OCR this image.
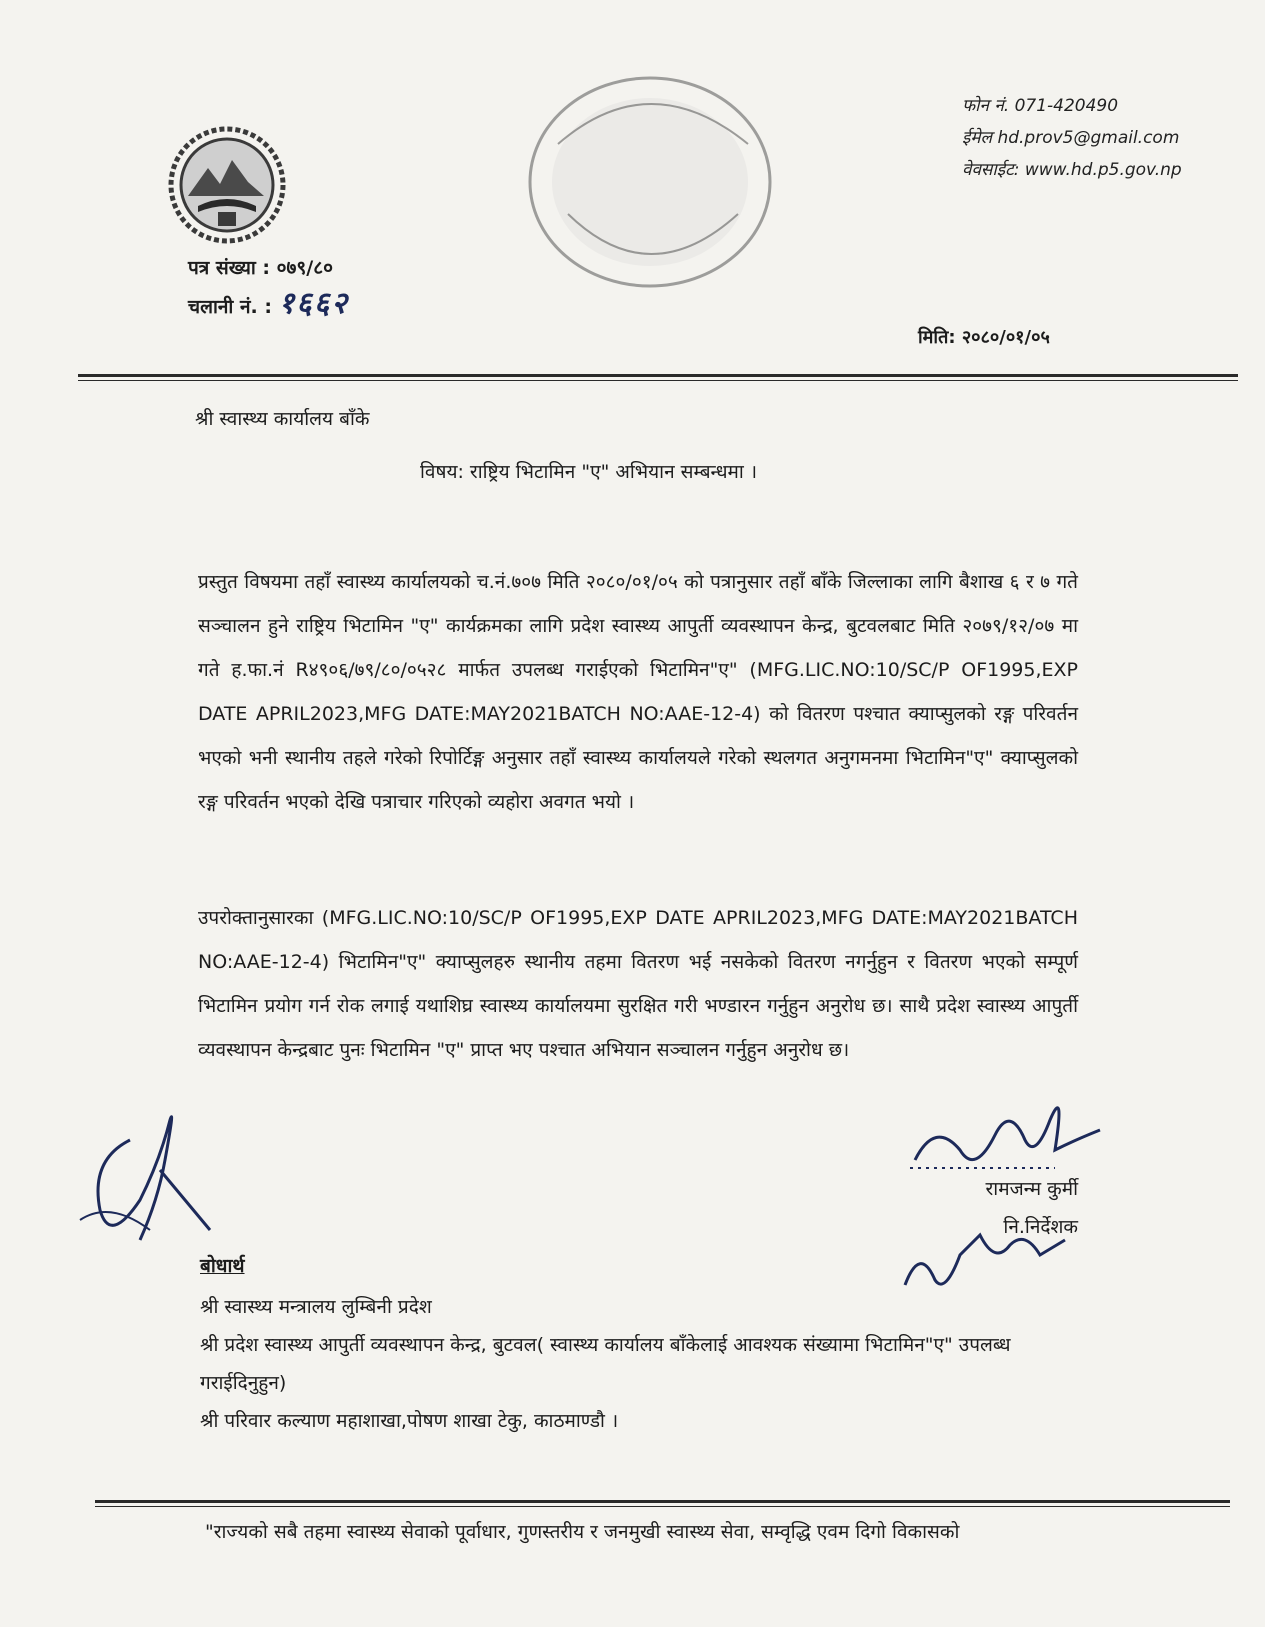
फोन नं. 071-420490
ईमेल hd.prov5@gmail.com
वेवसाईट: www.hd.p5.gov.np
पत्र संख्या : ०७९/८०
चलानी नं. : १६६२
मिति: २०८०/०१/०५
श्री स्वास्थ्य कार्यालय बाँके
विषय: राष्ट्रिय भिटामिन "ए" अभियान सम्बन्धमा ।
प्रस्तुत विषयमा तहाँ स्वास्थ्य कार्यालयको च.नं.७०७ मिति २०८०/०१/०५ को पत्रानुसार तहाँ बाँके जिल्लाका लागि बैशाख ६ र ७ गते सञ्चालन हुने राष्ट्रिय भिटामिन "ए" कार्यक्रमका लागि प्रदेश स्वास्थ्य आपुर्ती व्यवस्थापन केन्द्र, बुटवलबाट मिति २०७९/१२/०७ मा गते ह.फा.नं R४९०६/७९/८०/०५२८ मार्फत उपलब्ध गराईएको भिटामिन"ए" (MFG.LIC.NO:10/SC/P OF1995,EXP DATE APRIL2023,MFG DATE:MAY2021BATCH NO:AAE-12-4) को वितरण पश्चात क्याप्सुलको रङ्ग परिवर्तन भएको भनी स्थानीय तहले गरेको रिपोर्टिङ्ग अनुसार तहाँ स्वास्थ्य कार्यालयले गरेको स्थलगत अनुगमनमा भिटामिन"ए" क्याप्सुलको रङ्ग परिवर्तन भएको देखि पत्राचार गरिएको व्यहोरा अवगत भयो ।
उपरोक्तानुसारका (MFG.LIC.NO:10/SC/P OF1995,EXP DATE APRIL2023,MFG DATE:MAY2021BATCH NO:AAE-12-4) भिटामिन"ए" क्याप्सुलहरु स्थानीय तहमा वितरण भई नसकेको वितरण नगर्नुहुन र वितरण भएको सम्पूर्ण भिटामिन प्रयोग गर्न रोक लगाई यथाशिघ्र स्वास्थ्य कार्यालयमा सुरक्षित गरी भण्डारन गर्नुहुन अनुरोध छ। साथै प्रदेश स्वास्थ्य आपुर्ती व्यवस्थापन केन्द्रबाट पुनः भिटामिन "ए" प्राप्त भए पश्चात अभियान सञ्चालन गर्नुहुन अनुरोध छ।
रामजन्म कुर्मी
नि.निर्देशक
बोधार्थ
श्री स्वास्थ्य मन्त्रालय लुम्बिनी प्रदेश
श्री प्रदेश स्वास्थ्य आपुर्ती व्यवस्थापन केन्द्र, बुटवल( स्वास्थ्य कार्यालय बाँकेलाई आवश्यक संख्यामा भिटामिन"ए" उपलब्ध गराईदिनुहुन)
श्री परिवार कल्याण महाशाखा,पोषण शाखा टेकु, काठमाण्डौ ।
"राज्यको सबै तहमा स्वास्थ्य सेवाको पूर्वाधार, गुणस्तरीय र जनमुखी स्वास्थ्य सेवा, सम्वृद्धि एवम दिगो विकासको
